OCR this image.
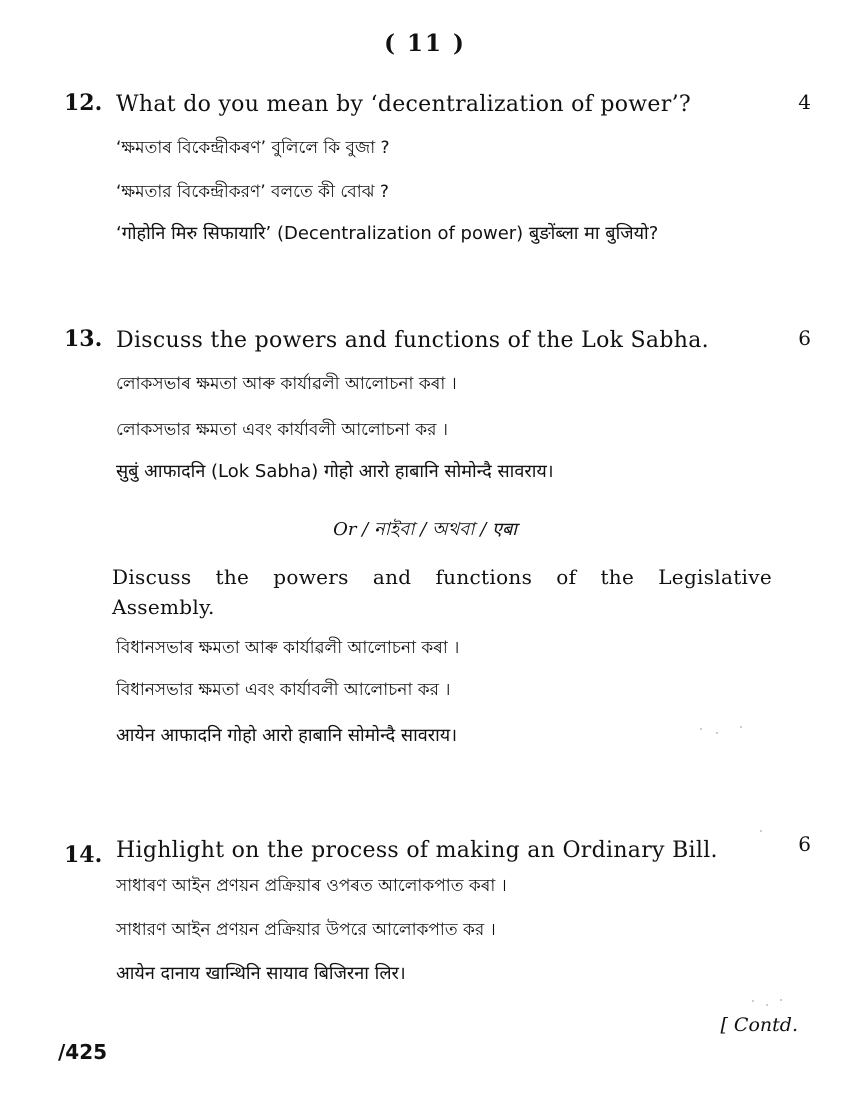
( 11 )
12. What do you mean by ‘decentralization of power’?	4
‘ক্ষমতাৰ বিকেন্দ্ৰীকৰণ’ বুলিলে কি বুজা ?
‘ক্ষমতার বিকেন্দ্রীকরণ’ বলতে কী বোঝ ?
‘गोहोनि मिरु सिफायारि’ (Decentralization of power) बुङोंब्ला मा बुजियो?
13. Discuss the powers and functions of the Lok Sabha.	6
লোকসভাৰ ক্ষমতা আৰু কাৰ্যাৱলী আলোচনা কৰা ।
লোকসভার ক্ষমতা এবং কার্যাবলী আলোচনা কর ।
सुबुं आफादनि (Lok Sabha) गोहो आरो हाबानि सोमोन्दै सावराय।
Or / নাইবা / অথবা / एबा
Discuss the powers and functions of the Legislative
Assembly.
বিধানসভাৰ ক্ষমতা আৰু কাৰ্যাৱলী আলোচনা কৰা ।
বিধানসভার ক্ষমতা এবং কার্যাবলী আলোচনা কর ।
आयेन आफादनि गोहो आरो हाबानि सोमोन्दै सावराय।
14. Highlight on the process of making an Ordinary Bill.	6
সাধাৰণ আইন প্ৰণয়ন প্ৰক্ৰিয়াৰ ওপৰত আলোকপাত কৰা ।
সাধারণ আইন প্রণয়ন প্রক্রিয়ার উপরে আলোকপাত কর ।
आयेन दानाय खान्थिनि सायाव बिजिरना लिर।
[ Contd.
/425
